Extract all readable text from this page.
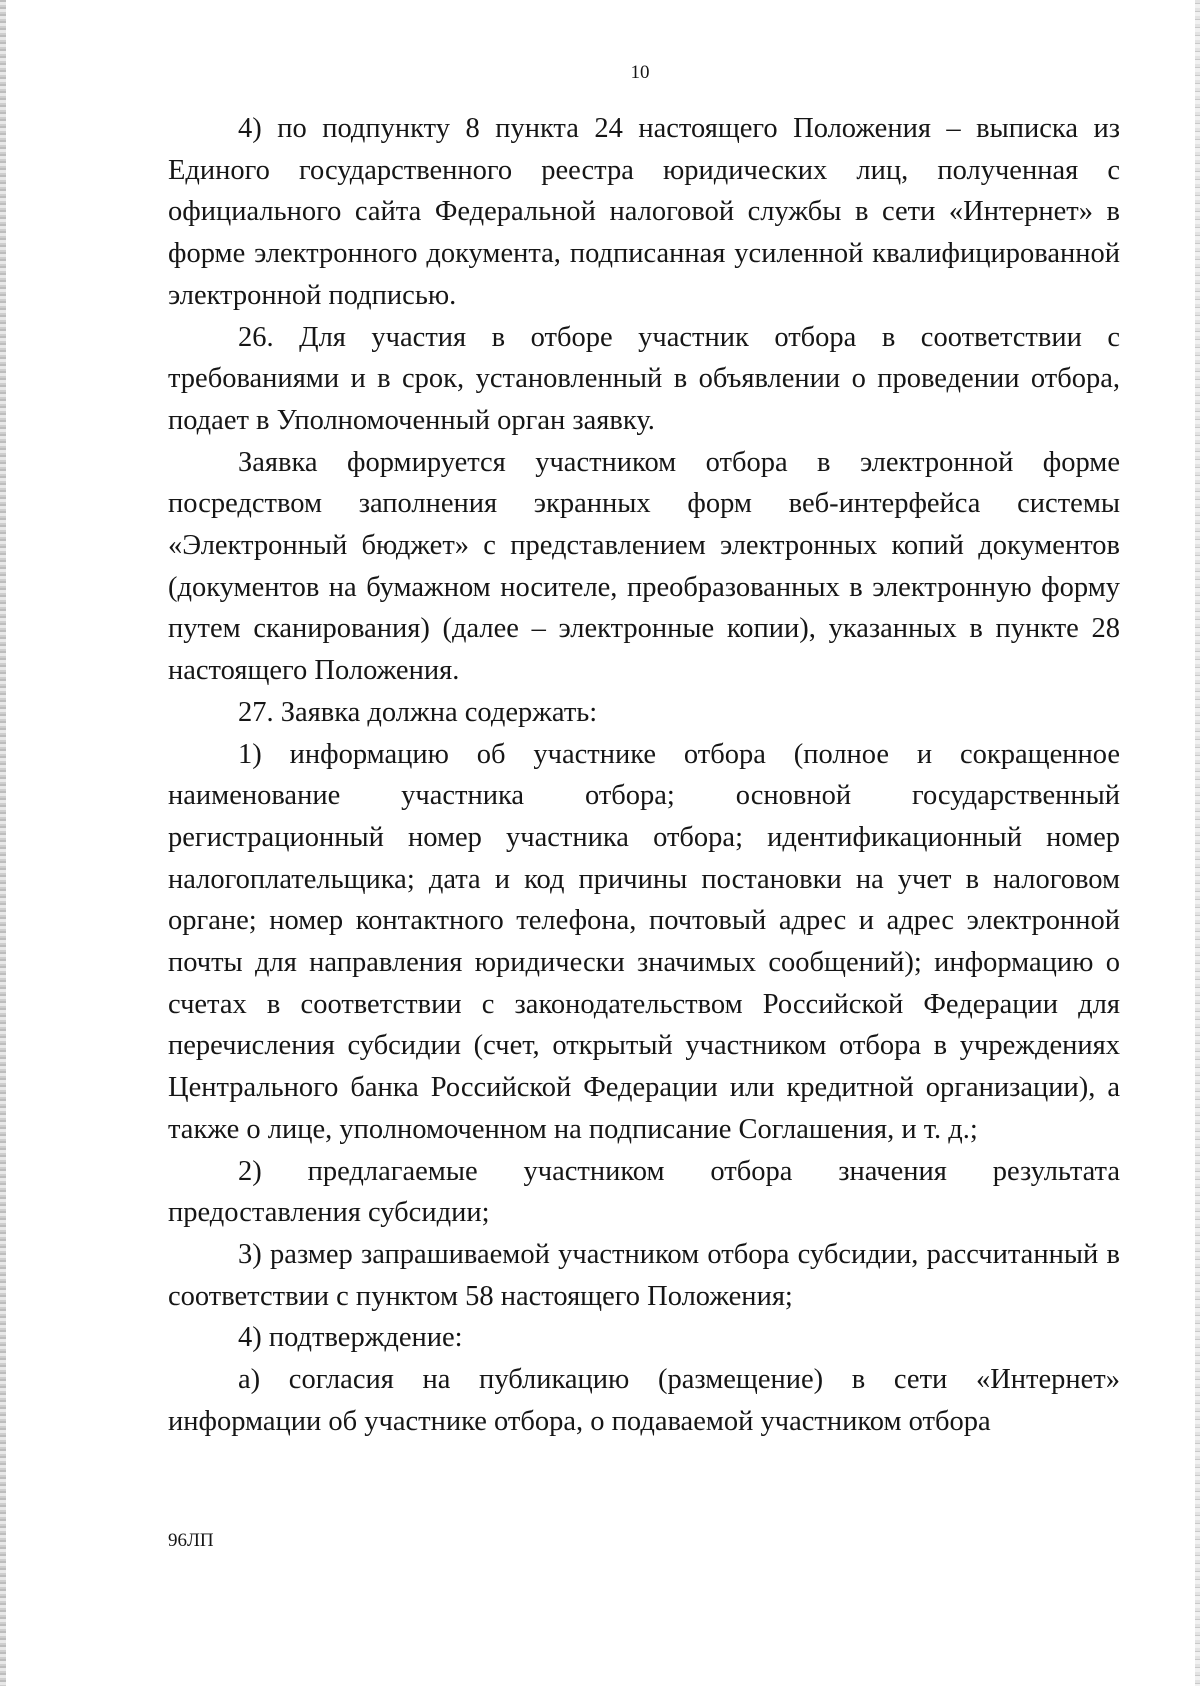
10

4) по подпункту 8 пункта 24 настоящего Положения – выписка из Единого государственного реестра юридических лиц, полученная с официального сайта Федеральной налоговой службы в сети «Интернет» в форме электронного документа, подписанная усиленной квалифицированной электронной подписью.

26. Для участия в отборе участник отбора в соответствии с требованиями и в срок, установленный в объявлении о проведении отбора, подает в Уполномоченный орган заявку.

Заявка формируется участником отбора в электронной форме посредством заполнения экранных форм веб-интерфейса системы «Электронный бюджет» с представлением электронных копий документов (документов на бумажном носителе, преобразованных в электронную форму путем сканирования) (далее – электронные копии), указанных в пункте 28 настоящего Положения.

27. Заявка должна содержать:

1) информацию об участнике отбора (полное и сокращенное наименование участника отбора; основной государственный регистрационный номер участника отбора; идентификационный номер налогоплательщика; дата и код причины постановки на учет в налоговом органе; номер контактного телефона, почтовый адрес и адрес электронной почты для направления юридически значимых сообщений); информацию о счетах в соответствии с законодательством Российской Федерации для перечисления субсидии (счет, открытый участником отбора в учреждениях Центрального банка Российской Федерации или кредитной организации), а также о лице, уполномоченном на подписание Соглашения, и т. д.;

2) предлагаемые участником отбора значения результата предоставления субсидии;

3) размер запрашиваемой участником отбора субсидии, рассчитанный в соответствии с пунктом 58 настоящего Положения;

4) подтверждение:

а) согласия на публикацию (размещение) в сети «Интернет» информации об участнике отбора, о подаваемой участником отбора

96ЛП
